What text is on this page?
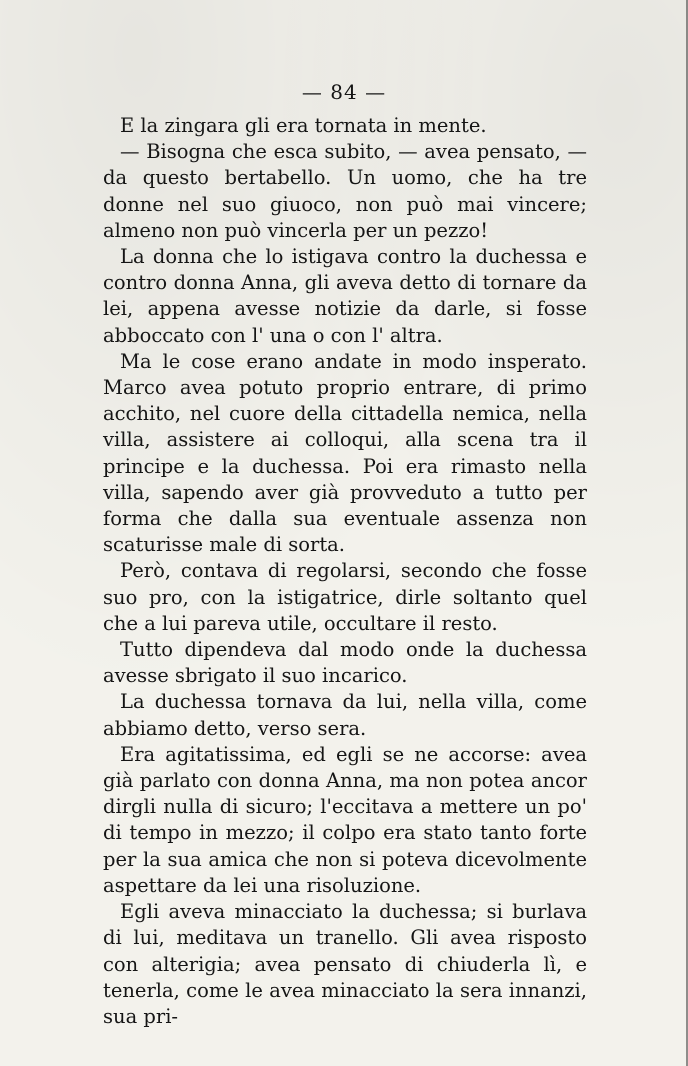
— 84 —

E la zingara gli era tornata in mente.

— Bisogna che esca subito, — avea pensato, — da questo bertabello. Un uomo, che ha tre donne nel suo giuoco, non può mai vincere; almeno non può vincerla per un pezzo!

La donna che lo istigava contro la duchessa e contro donna Anna, gli aveva detto di tornare da lei, appena avesse notizie da darle, si fosse abboccato con l' una o con l' altra.

Ma le cose erano andate in modo insperato. Marco avea potuto proprio entrare, di primo acchito, nel cuore della cittadella nemica, nella villa, assistere ai colloqui, alla scena tra il principe e la duchessa. Poi era rimasto nella villa, sapendo aver già provveduto a tutto per forma che dalla sua eventuale assenza non scaturisse male di sorta.

Però, contava di regolarsi, secondo che fosse suo pro, con la istigatrice, dirle soltanto quel che a lui pareva utile, occultare il resto.

Tutto dipendeva dal modo onde la duchessa avesse sbrigato il suo incarico.

La duchessa tornava da lui, nella villa, come abbiamo detto, verso sera.

Era agitatissima, ed egli se ne accorse: avea già parlato con donna Anna, ma non potea ancor dirgli nulla di sicuro; l'eccitava a mettere un po' di tempo in mezzo; il colpo era stato tanto forte per la sua amica che non si poteva dicevolmente aspettare da lei una risoluzione.

Egli aveva minacciato la duchessa; si burlava di lui, meditava un tranello. Gli avea risposto con alterigia; avea pensato di chiuderla lì, e tenerla, come le avea minacciato la sera innanzi, sua pri-
